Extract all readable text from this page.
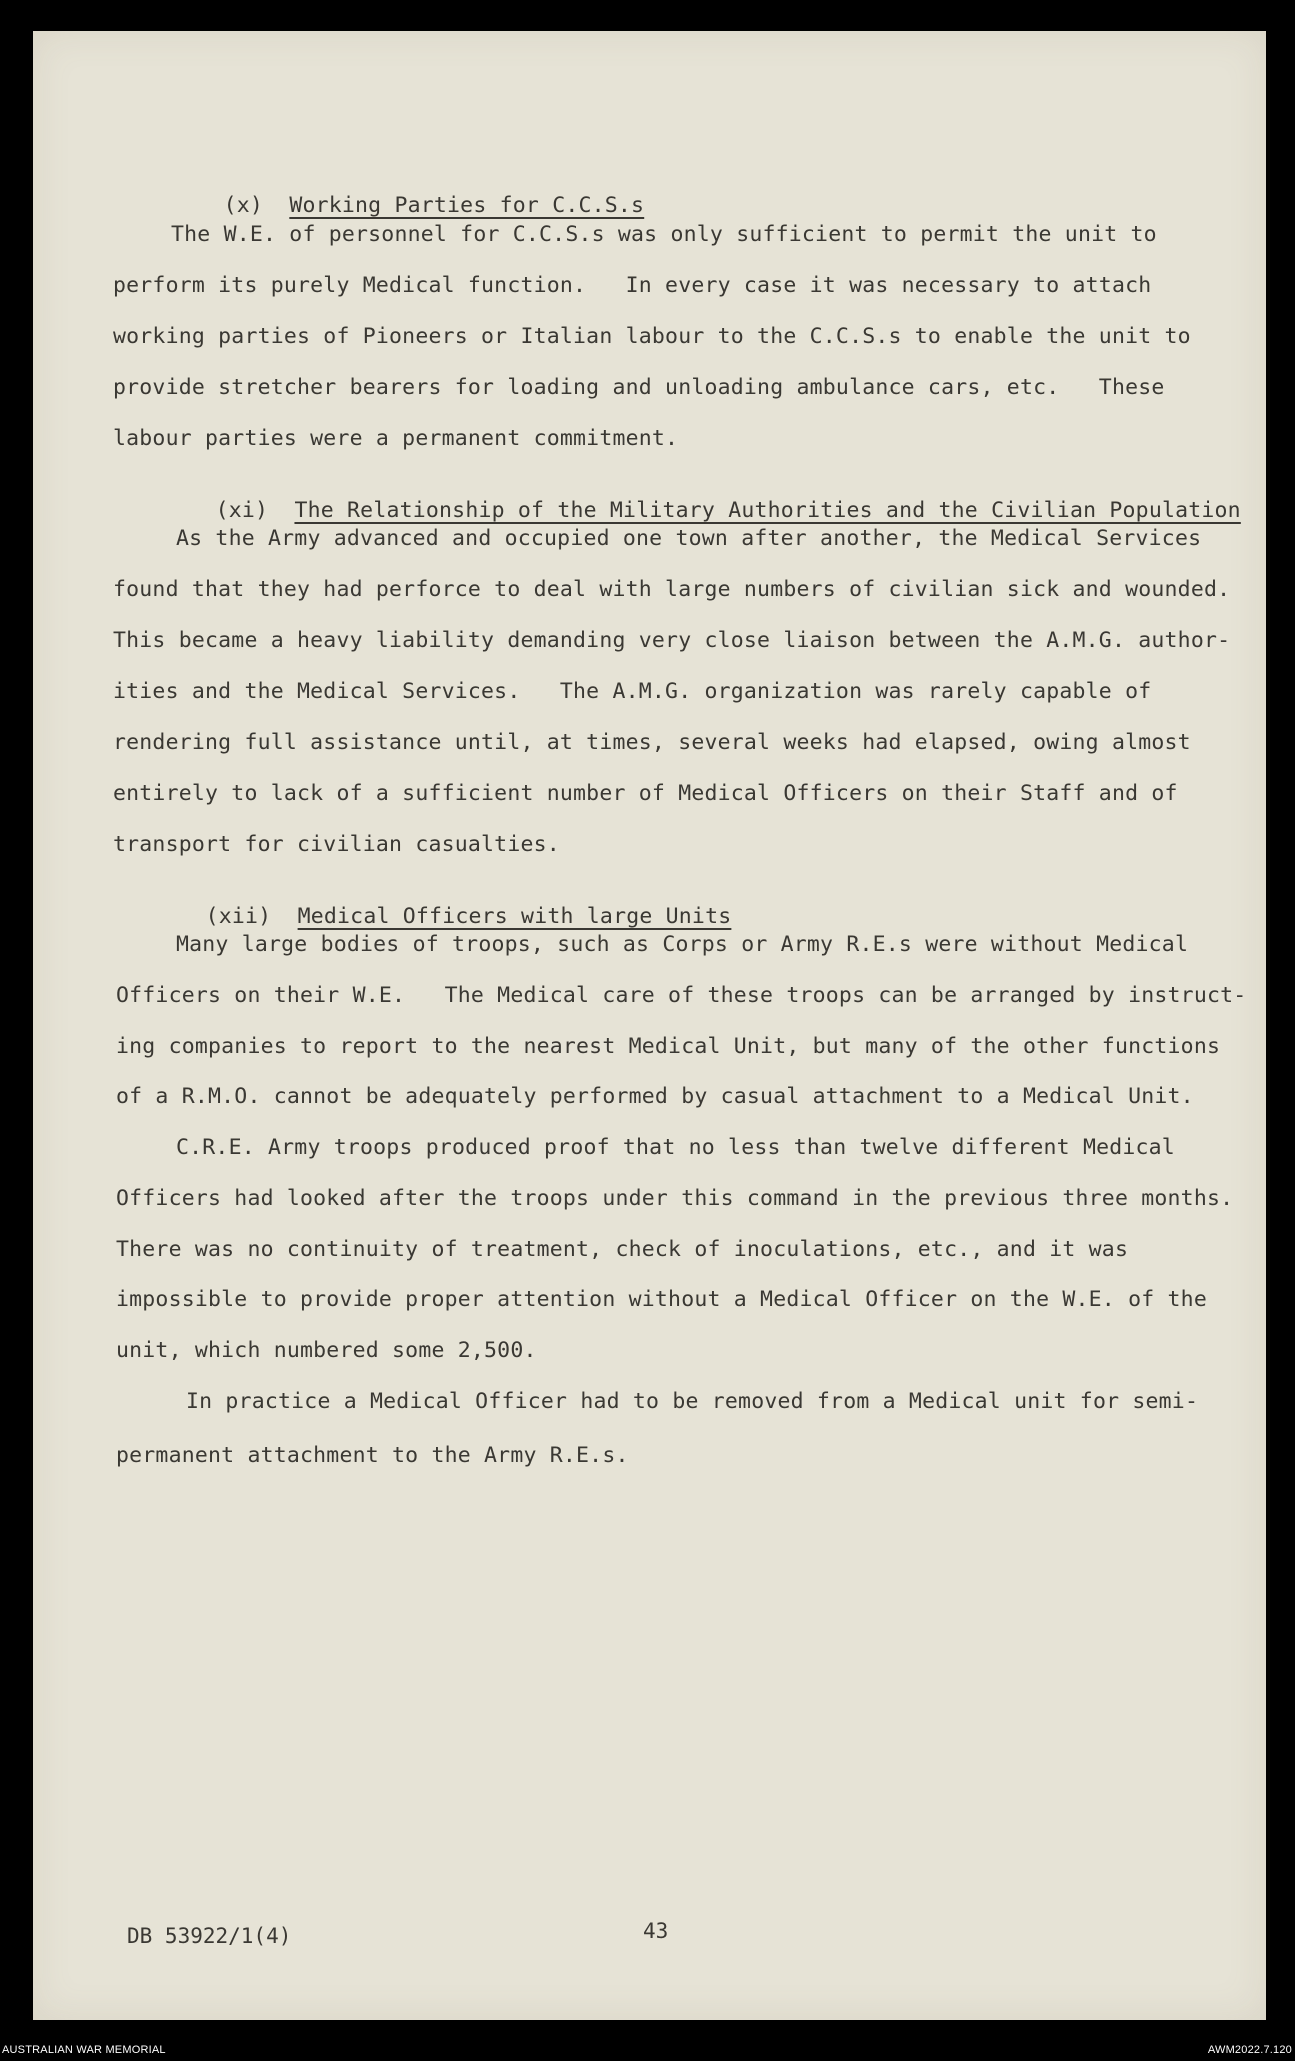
(x) Working Parties for C.C.S.s

The W.E. of personnel for C.C.S.s was only sufficient to permit the unit to
perform its purely Medical function.   In every case it was necessary to attach
working parties of Pioneers or Italian labour to the C.C.S.s to enable the unit to
provide stretcher bearers for loading and unloading ambulance cars, etc.   These
labour parties were a permanent commitment.

(xi) The Relationship of the Military Authorities and the Civilian Population

As the Army advanced and occupied one town after another, the Medical Services
found that they had perforce to deal with large numbers of civilian sick and wounded.
This became a heavy liability demanding very close liaison between the A.M.G. author-
ities and the Medical Services.   The A.M.G. organization was rarely capable of
rendering full assistance until, at times, several weeks had elapsed, owing almost
entirely to lack of a sufficient number of Medical Officers on their Staff and of
transport for civilian casualties.

(xii) Medical Officers with large Units

Many large bodies of troops, such as Corps or Army R.E.s were without Medical
Officers on their W.E.   The Medical care of these troops can be arranged by instruct-
ing companies to report to the nearest Medical Unit, but many of the other functions
of a R.M.O. cannot be adequately performed by casual attachment to a Medical Unit.
C.R.E. Army troops produced proof that no less than twelve different Medical
Officers had looked after the troops under this command in the previous three months.
There was no continuity of treatment, check of inoculations, etc., and it was
impossible to provide proper attention without a Medical Officer on the W.E. of the
unit, which numbered some 2,500.
In practice a Medical Officer had to be removed from a Medical unit for semi-
permanent attachment to the Army R.E.s.
DB 53922/1(4)	43
AUSTRALIAN WAR MEMORIAL	AWM2022.7.120
